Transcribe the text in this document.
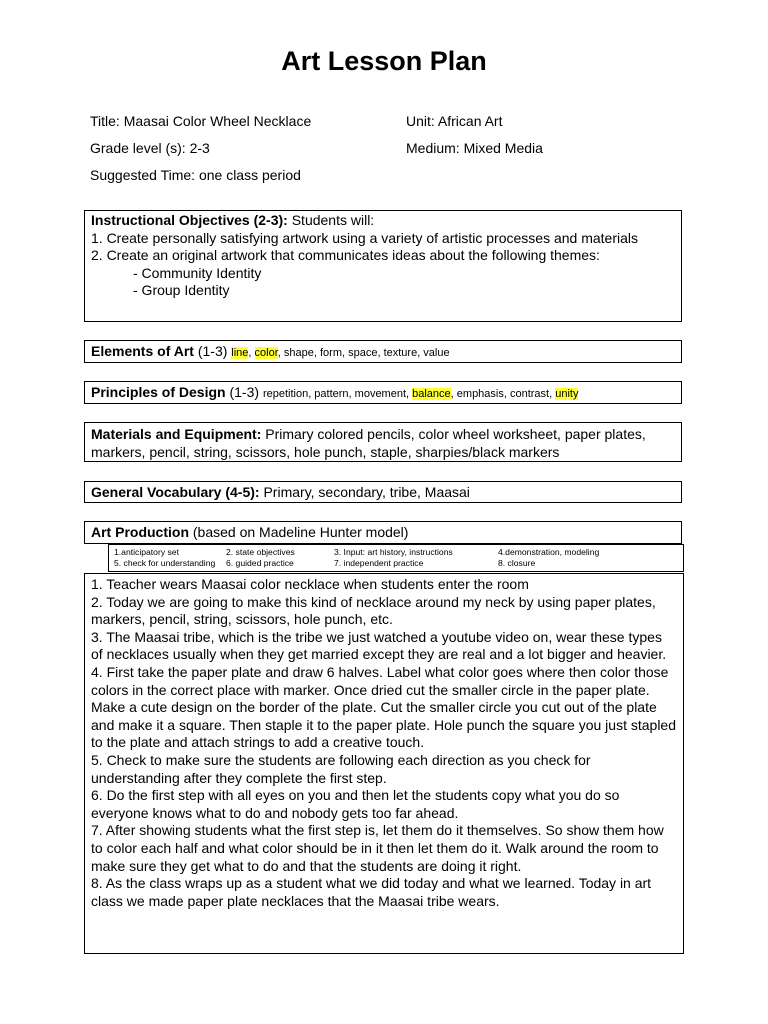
Art Lesson Plan
Title: Maasai Color Wheel Necklace	Unit: African Art
Grade level (s): 2-3	Medium: Mixed Media
Suggested Time: one class period
Instructional Objectives (2-3): Students will:
1. Create personally satisfying artwork using a variety of artistic processes and materials
2. Create an original artwork that communicates ideas about the following themes:
- Community Identity
- Group Identity
Elements of Art (1-3) line, color, shape, form, space, texture, value
Principles of Design (1-3) repetition, pattern, movement, balance, emphasis, contrast, unity
Materials and Equipment: Primary colored pencils, color wheel worksheet, paper plates, markers, pencil, string, scissors, hole punch, staple, sharpies/black markers
General Vocabulary (4-5): Primary, secondary, tribe, Maasai
Art Production (based on Madeline Hunter model)
1.anticipatory set	2. state objectives	3. Input: art history, instructions	4.demonstration, modeling
5. check for understanding 6. guided practice	7. independent practice	8. closure

1. Teacher wears Maasai color necklace when students enter the room

2. Today we are going to make this kind of necklace around my neck by using paper plates, markers, pencil, string, scissors, hole punch, etc.

3. The Maasai tribe, which is the tribe we just watched a youtube video on, wear these types of necklaces usually when they get married except they are real and a lot bigger and heavier.

4. First take the paper plate and draw 6 halves. Label what color goes where then color those colors in the correct place with marker. Once dried cut the smaller circle in the paper plate. Make a cute design on the border of the plate. Cut the smaller circle you cut out of the plate and make it a square. Then staple it to the paper plate. Hole punch the square you just stapled to the plate and attach strings to add a creative touch.

5. Check to make sure the students are following each direction as you check for understanding after they complete the first step.

6. Do the first step with all eyes on you and then let the students copy what you do so everyone knows what to do and nobody gets too far ahead.

7. After showing students what the first step is, let them do it themselves. So show them how to color each half and what color should be in it then let them do it. Walk around the room to make sure they get what to do and that the students are doing it right.

8. As the class wraps up as a student what we did today and what we learned. Today in art class we made paper plate necklaces that the Maasai tribe wears.
